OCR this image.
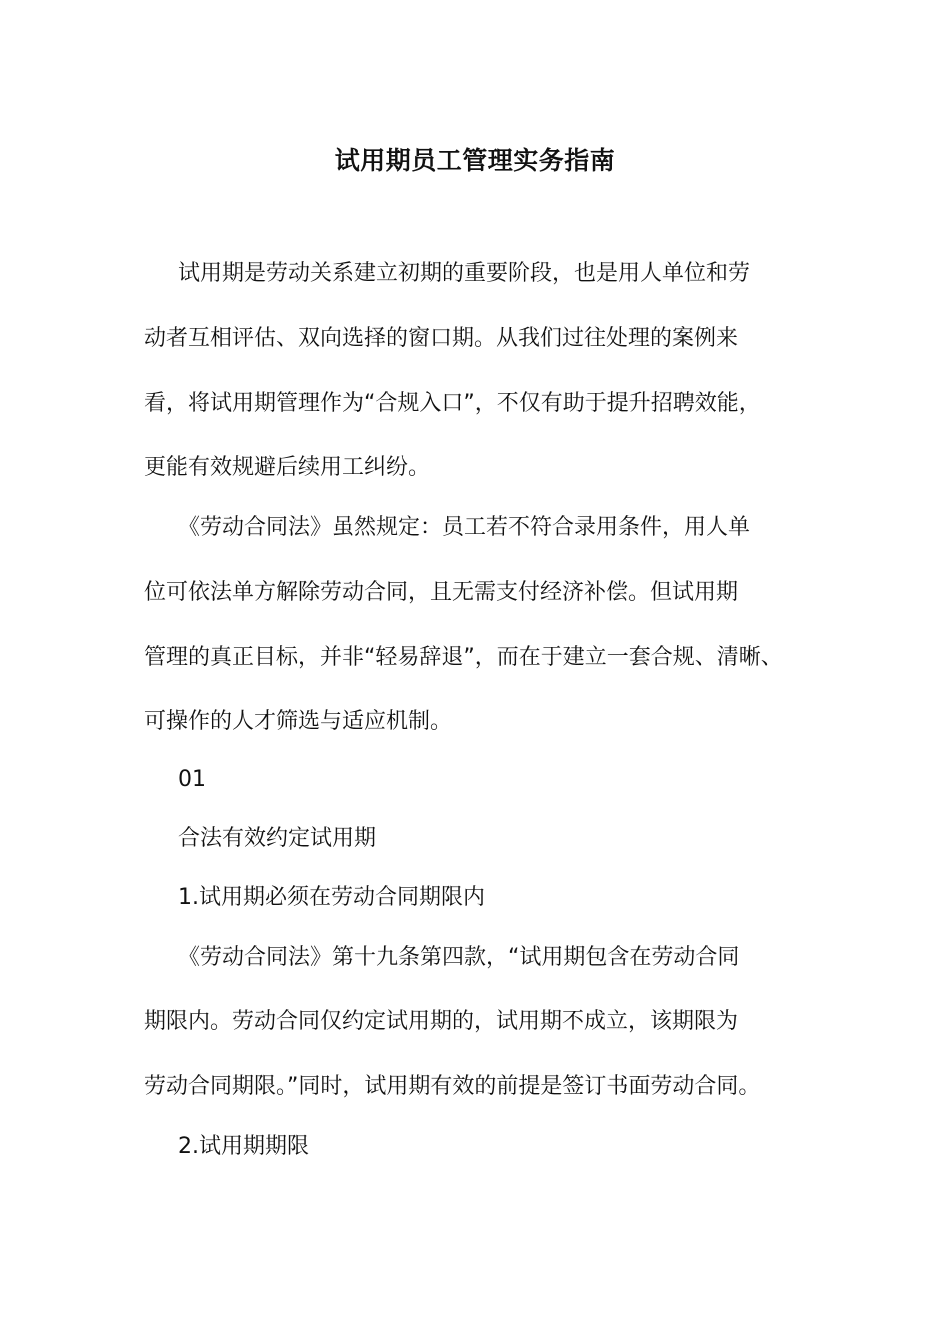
试用期员工管理实务指南
试用期是劳动关系建立初期的重要阶段，也是用人单位和劳
动者互相评估、双向选择的窗口期。从我们过往处理的案例来
看，将试用期管理作为“合规入口”，不仅有助于提升招聘效能，
更能有效规避后续用工纠纷。
《劳动合同法》虽然规定：员工若不符合录用条件，用人单
位可依法单方解除劳动合同，且无需支付经济补偿。但试用期
管理的真正目标，并非“轻易辞退”，而在于建立一套合规、清晰、
可操作的人才筛选与适应机制。
01
合法有效约定试用期
1.试用期必须在劳动合同期限内
《劳动合同法》第十九条第四款，“试用期包含在劳动合同
期限内。劳动合同仅约定试用期的，试用期不成立，该期限为
劳动合同期限。”同时，试用期有效的前提是签订书面劳动合同。
2.试用期期限
